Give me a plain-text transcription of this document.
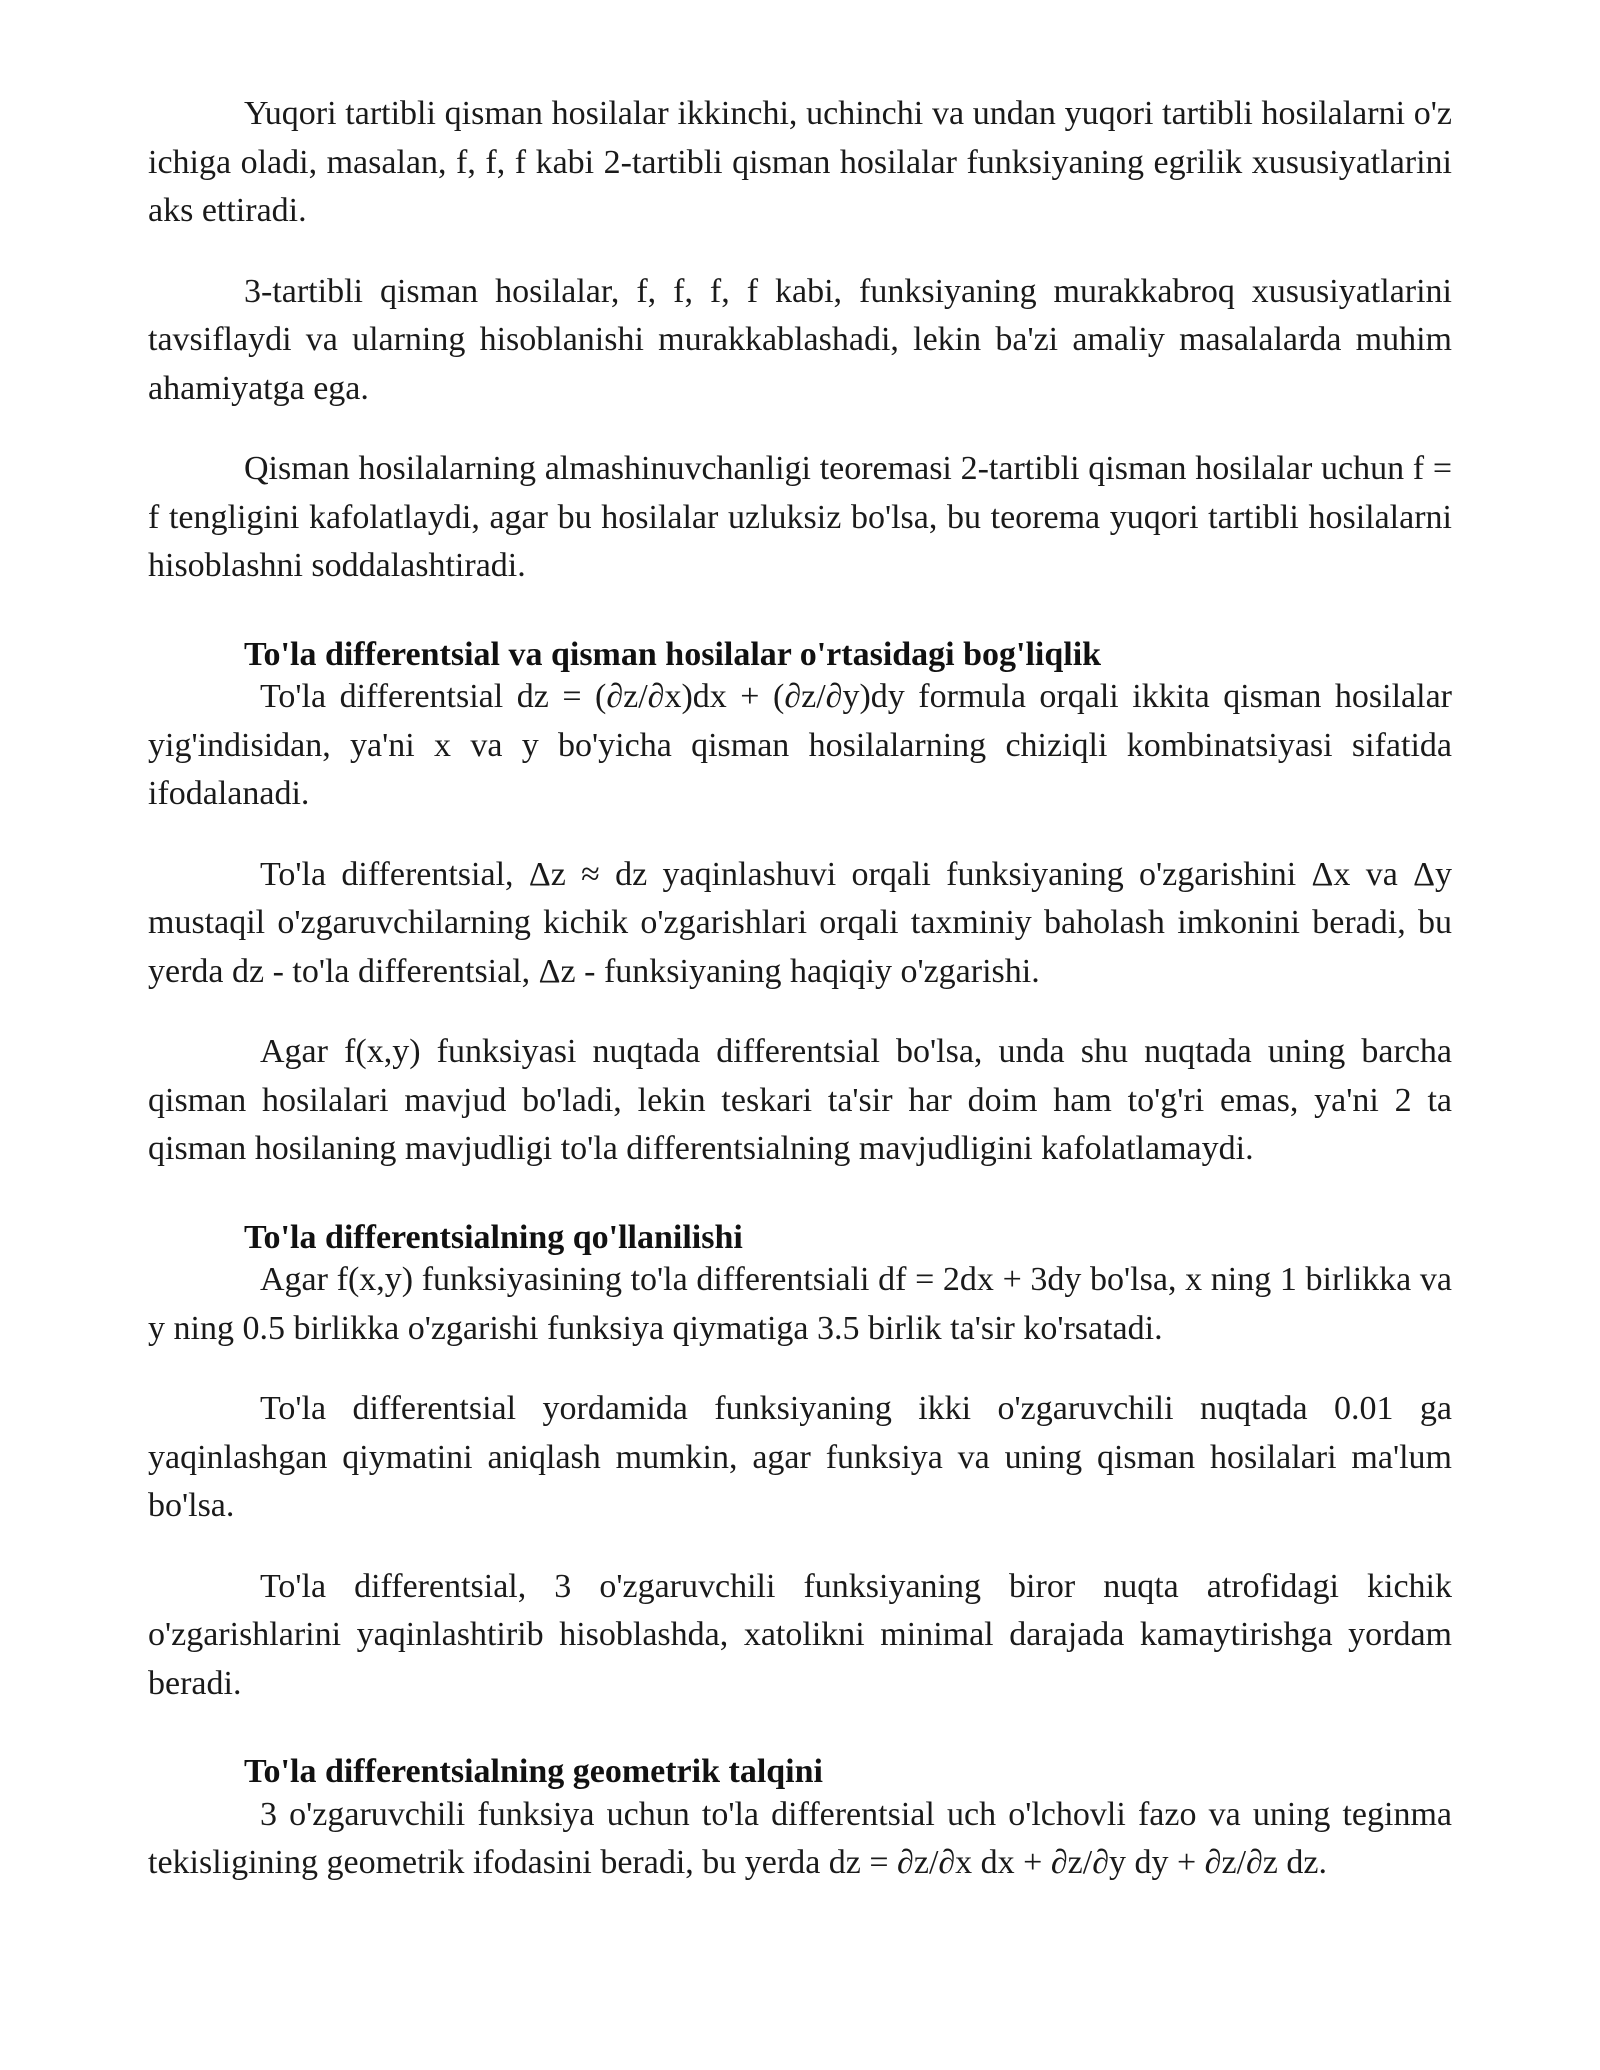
Yuqori tartibli qisman hosilalar ikkinchi, uchinchi va undan yuqori tartibli hosilalarni o'z ichiga oladi, masalan, f, f, f kabi 2-tartibli qisman hosilalar funksiyaning egrilik xususiyatlarini aks ettiradi.

3-tartibli qisman hosilalar, f, f, f, f kabi, funksiyaning murakkabroq xususiyatlarini tavsiflaydi va ularning hisoblanishi murakkablashadi, lekin ba'zi amaliy masalalarda muhim ahamiyatga ega.

Qisman hosilalarning almashinuvchanligi teoremasi 2-tartibli qisman hosilalar uchun f = f tengligini kafolatlaydi, agar bu hosilalar uzluksiz bo'lsa, bu teorema yuqori tartibli hosilalarni hisoblashni soddalashtiradi.

To'la differentsial va qisman hosilalar o'rtasidagi bog'liqlik

To'la differentsial dz = (∂z/∂x)dx + (∂z/∂y)dy formula orqali ikkita qisman hosilalar yig'indisidan, ya'ni x va y bo'yicha qisman hosilalarning chiziqli kombinatsiyasi sifatida ifodalanadi.

To'la differentsial, Δz ≈ dz yaqinlashuvi orqali funksiyaning o'zgarishini Δx va Δy mustaqil o'zgaruvchilarning kichik o'zgarishlari orqali taxminiy baholash imkonini beradi, bu yerda dz - to'la differentsial, Δz - funksiyaning haqiqiy o'zgarishi.

Agar f(x,y) funksiyasi nuqtada differentsial bo'lsa, unda shu nuqtada uning barcha qisman hosilalari mavjud bo'ladi, lekin teskari ta'sir har doim ham to'g'ri emas, ya'ni 2 ta qisman hosilaning mavjudligi to'la differentsialning mavjudligini kafolatlamaydi.

To'la differentsialning qo'llanilishi

Agar f(x,y) funksiyasining to'la differentsiali df = 2dx + 3dy bo'lsa, x ning 1 birlikka va y ning 0.5 birlikka o'zgarishi funksiya qiymatiga 3.5 birlik ta'sir ko'rsatadi.

To'la differentsial yordamida funksiyaning ikki o'zgaruvchili nuqtada 0.01 ga yaqinlashgan qiymatini aniqlash mumkin, agar funksiya va uning qisman hosilalari ma'lum bo'lsa.

To'la differentsial, 3 o'zgaruvchili funksiyaning biror nuqta atrofidagi kichik o'zgarishlarini yaqinlashtirib hisoblashda, xatolikni minimal darajada kamaytirishga yordam beradi.

To'la differentsialning geometrik talqini

3 o'zgaruvchili funksiya uchun to'la differentsial uch o'lchovli fazo va uning teginma tekisligining geometrik ifodasini beradi, bu yerda dz = ∂z/∂x dx + ∂z/∂y dy + ∂z/∂z dz.
